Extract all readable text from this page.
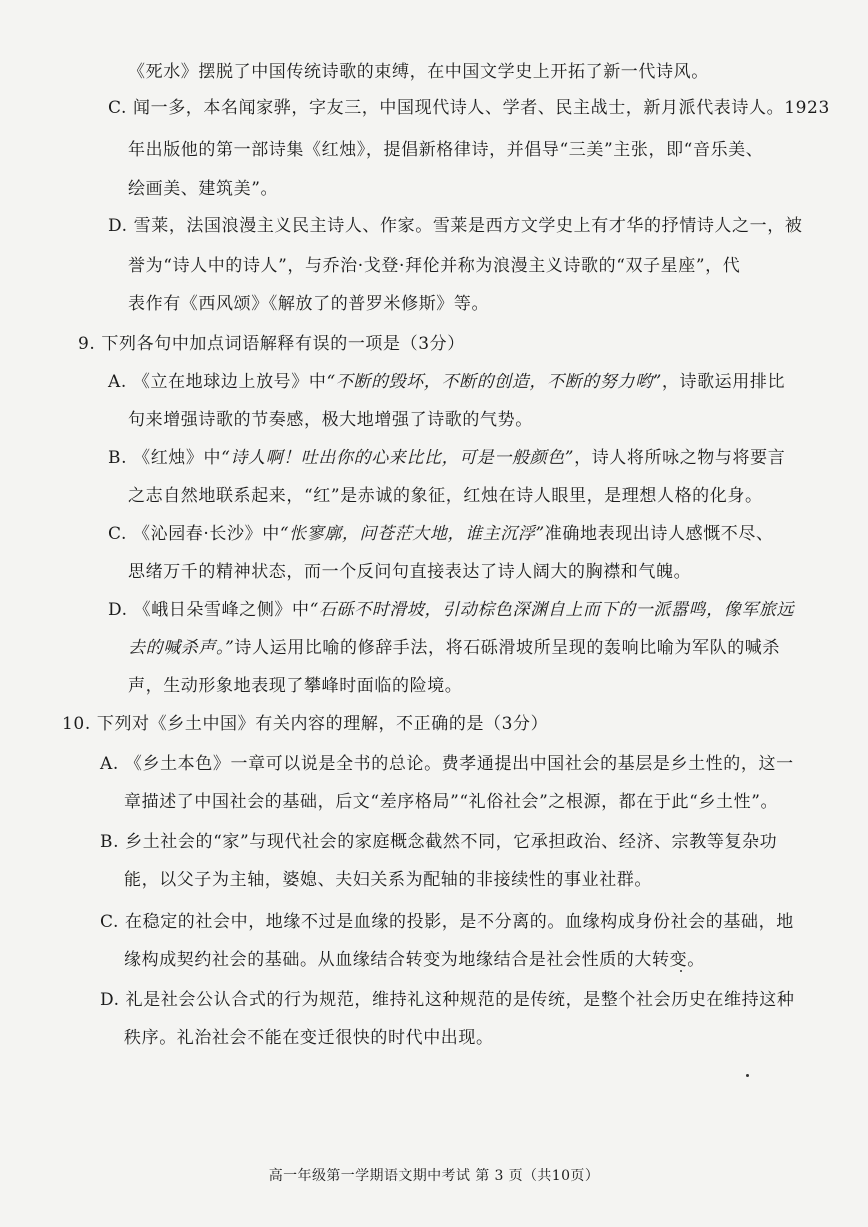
《死水》摆脱了中国传统诗歌的束缚，在中国文学史上开拓了新一代诗风。
C. 闻一多，本名闻家骅，字友三，中国现代诗人、学者、民主战士，新月派代表诗人。1923
年出版他的第一部诗集《红烛》，提倡新格律诗，并倡导“三美”主张，即“音乐美、
绘画美、建筑美”。
D. 雪莱，法国浪漫主义民主诗人、作家。雪莱是西方文学史上有才华的抒情诗人之一，被
誉为“诗人中的诗人”，与乔治·戈登·拜伦并称为浪漫主义诗歌的“双子星座”，代
表作有《西风颂》《解放了的普罗米修斯》等。
9. 下列各句中加点词语解释有误的一项是（3分）
A. 《立在地球边上放号》中“不断的毁坏，不断的创造，不断的努力哟”，诗歌运用排比
句来增强诗歌的节奏感，极大地增强了诗歌的气势。
B. 《红烛》中“诗人啊！吐出你的心来比比，可是一般颜色”，诗人将所咏之物与将要言
之志自然地联系起来，“红”是赤诚的象征，红烛在诗人眼里，是理想人格的化身。
C. 《沁园春·长沙》中“怅寥廓，问苍茫大地，谁主沉浮”准确地表现出诗人感慨不尽、
思绪万千的精神状态，而一个反问句直接表达了诗人阔大的胸襟和气魄。
D. 《峨日朵雪峰之侧》中“石砾不时滑坡，引动棕色深渊自上而下的一派嚣鸣，像军旅远
去的喊杀声。”诗人运用比喻的修辞手法，将石砾滑坡所呈现的轰响比喻为军队的喊杀
声，生动形象地表现了攀峰时面临的险境。
10. 下列对《乡土中国》有关内容的理解，不正确的是（3分）
A. 《乡土本色》一章可以说是全书的总论。费孝通提出中国社会的基层是乡土性的，这一
章描述了中国社会的基础，后文“差序格局”“礼俗社会”之根源，都在于此“乡土性”。
B. 乡土社会的“家”与现代社会的家庭概念截然不同，它承担政治、经济、宗教等复杂功
能，以父子为主轴，婆媳、夫妇关系为配轴的非接续性的事业社群。
C. 在稳定的社会中，地缘不过是血缘的投影，是不分离的。血缘构成身份社会的基础，地
缘构成契约社会的基础。从血缘结合转变为地缘结合是社会性质的大转变。
D. 礼是社会公认合式的行为规范，维持礼这种规范的是传统，是整个社会历史在维持这种
秩序。礼治社会不能在变迁很快的时代中出现。
高一年级第一学期语文期中考试 第 3 页（共10页）
